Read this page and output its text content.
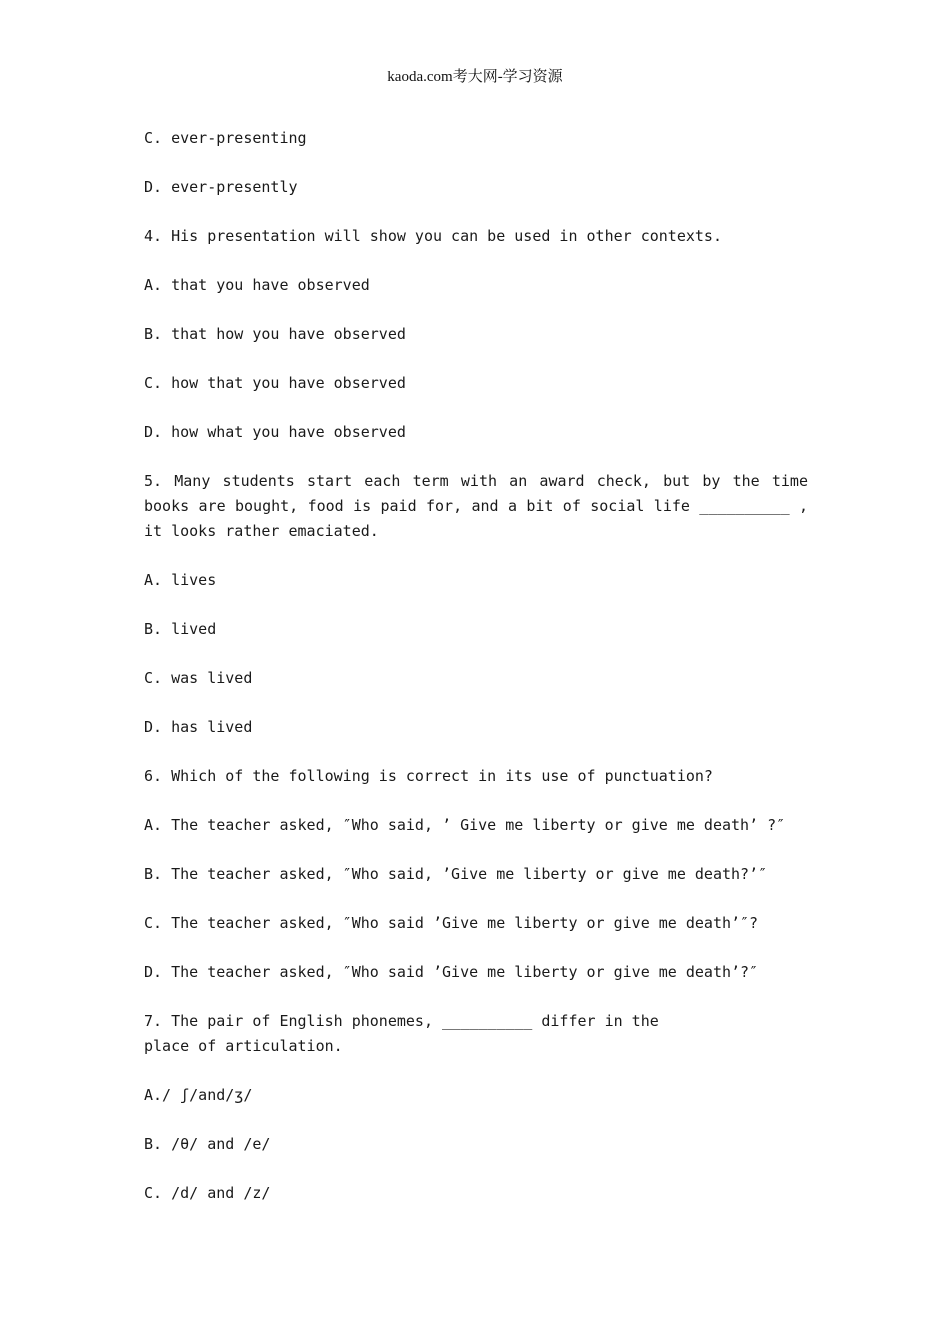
kaoda.com考大网-学习资源
C. ever-presenting
D. ever-presently
4. His presentation will show you can be used in other contexts.
A. that you have observed
B. that how you have observed
C. how that you have observed
D. how what you have observed
5. Many students start each term with an award check, but by the time books are bought, food is paid for, and a bit of social life __________ , it looks rather emaciated.
A. lives
B. lived
C. was lived
D. has lived
6. Which of the following is correct in its use of punctuation?
A. The teacher asked, ″Who said, ’ Give me liberty or give me death’ ?″
B. The teacher asked, ″Who said, ’Give me liberty or give me death?’″
C. The teacher asked, ″Who said ’Give me liberty or give me death’″?
D. The teacher asked, ″Who said ’Give me liberty or give me death’?″
7. The pair of English phonemes, __________ differ in the place of articulation.
A./ ʃ/and/ʒ/
B. /θ/ and /e/
C. /d/ and /z/
